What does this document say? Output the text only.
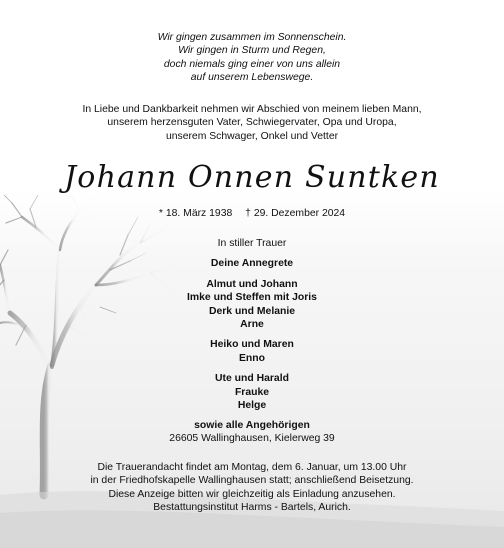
Wir gingen zusammen im Sonnenschein.
Wir gingen in Sturm und Regen,
doch niemals ging einer von uns allein
auf unserem Lebenswege.
In Liebe und Dankbarkeit nehmen wir Abschied von meinem lieben Mann,
unserem herzensguten Vater, Schwiegervater, Opa und Uropa,
unserem Schwager, Onkel und Vetter
Johann Onnen Suntken
* 18. März 1938 † 29. Dezember 2024
In stiller Trauer
Deine Annegrete
Almut und Johann
Imke und Steffen mit Joris
Derk und Melanie
Arne
Heiko und Maren
Enno
Ute und Harald
Frauke
Helge
sowie alle Angehörigen
26605 Wallinghausen, Kielerweg 39
Die Trauerandacht findet am Montag, dem 6. Januar, um 13.00 Uhr
in der Friedhofskapelle Wallinghausen statt; anschließend Beisetzung.
Diese Anzeige bitten wir gleichzeitig als Einladung anzusehen.
Bestattungsinstitut Harms - Bartels, Aurich.
